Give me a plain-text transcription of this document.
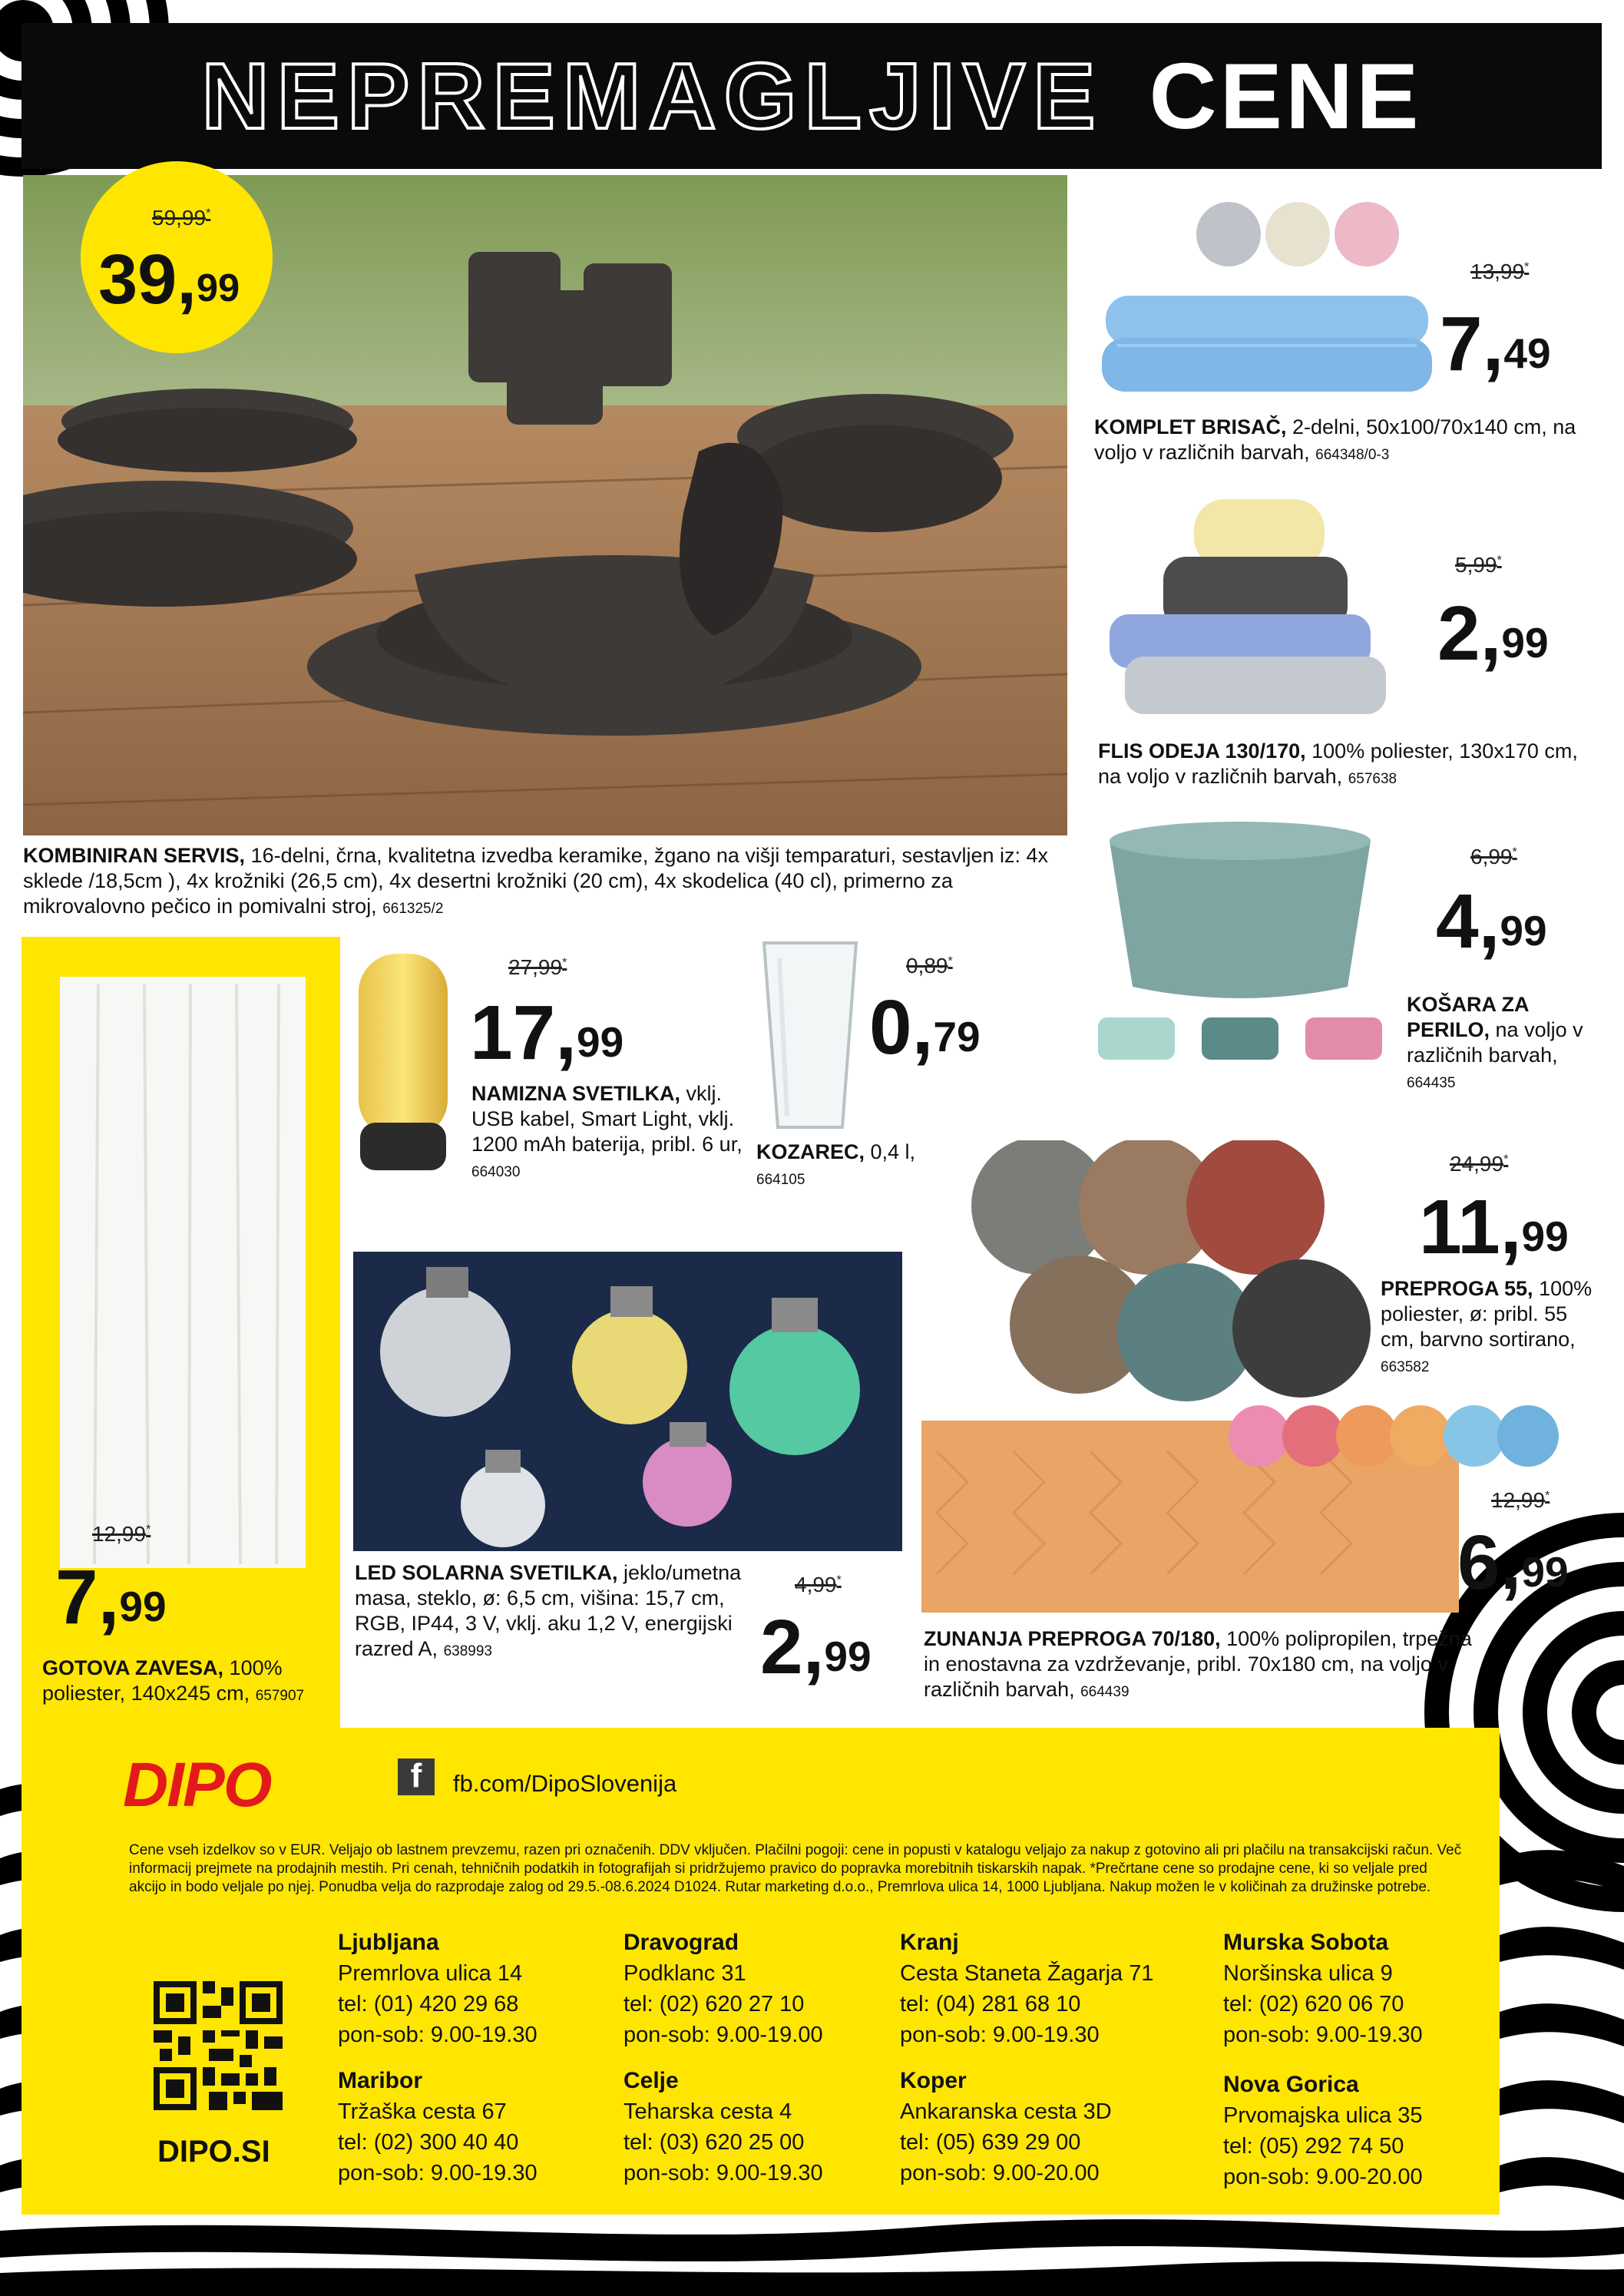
NEPREMAGLJIVE CENE
59,99*
39,99
KOMBINIRAN SERVIS, 16-delni, črna, kvalitetna izvedba keramike, žgano na višji temparaturi, sestavljen iz: 4x sklede /18,5cm ), 4x krožniki (26,5 cm), 4x desertni krožniki (20 cm), 4x skodelica (40 cl), primerno za mikrovalovno pečico in pomivalni stroj, 661325/2
13,99*
7,49
KOMPLET BRISAČ, 2-delni, 50x100/70x140 cm, na voljo v različnih barvah, 664348/0-3
5,99*
2,99
FLIS ODEJA 130/170, 100% poliester, 130x170 cm, na voljo v različnih barvah, 657638
6,99*
4,99
KOŠARA ZA PERILO, na voljo v različnih barvah, 664435
12,99*
7,99
GOTOVA ZAVESA, 100% poliester, 140x245 cm, 657907
27,99*
17,99
NAMIZNA SVETILKA, vklj. USB kabel, Smart Light, vklj. 1200 mAh baterija, pribl. 6 ur, 664030
0,89*
0,79
KOZAREC, 0,4 l,
664105
24,99*
11,99
PREPROGA 55, 100% poliester, ø: pribl. 55 cm, barvno sortirano, 663582
LED SOLARNA SVETILKA, jeklo/umetna masa, steklo, ø: 6,5 cm, višina: 15,7 cm, RGB, IP44, 3 V, vklj. aku 1,2 V, energijski razred A, 638993
4,99*
2,99
12,99*
6,99
ZUNANJA PREPROGA 70/180, 100% polipropilen, trpežna in enostavna za vzdrževanje, pribl. 70x180 cm, na voljo v različnih barvah, 664439
DIPO	f	fb.com/DipoSlovenija
Cene vseh izdelkov so v EUR. Veljajo ob lastnem prevzemu, razen pri označenih. DDV vključen. Plačilni pogoji: cene in popusti v katalogu veljajo za nakup z gotovino ali pri plačilu na transakcijski račun. Več informacij prejmete na prodajnih mestih. Pri cenah, tehničnih podatkih in fotografijah si pridržujemo pravico do popravka morebitnih tiskarskih napak. *Prečrtane cene so prodajne cene, ki so veljale pred akcijo in bodo veljale po njej. Ponudba velja do razprodaje zalog od 29.5.-08.6.2024 D1024. Rutar marketing d.o.o., Premrlova ulica 14, 1000 Ljubljana. Nakup možen le v količinah za družinske potrebe.
Ljubljana
Premrlova ulica 14
tel: (01) 420 29 68
pon-sob: 9.00-19.30
Dravograd
Podklanc 31
tel: (02) 620 27 10
pon-sob: 9.00-19.00
Kranj
Cesta Staneta Žagarja 71
tel: (04) 281 68 10
pon-sob: 9.00-19.30
Murska Sobota
Noršinska ulica 9
tel: (02) 620 06 70
pon-sob: 9.00-19.30
Maribor
Tržaška cesta 67
tel: (02) 300 40 40
pon-sob: 9.00-19.30
Celje
Teharska cesta 4
tel: (03) 620 25 00
pon-sob: 9.00-19.30
Koper
Ankaranska cesta 3D
tel: (05) 639 29 00
pon-sob: 9.00-20.00
Nova Gorica
Prvomajska ulica 35
tel: (05) 292 74 50
pon-sob: 9.00-20.00
DIPO.SI
